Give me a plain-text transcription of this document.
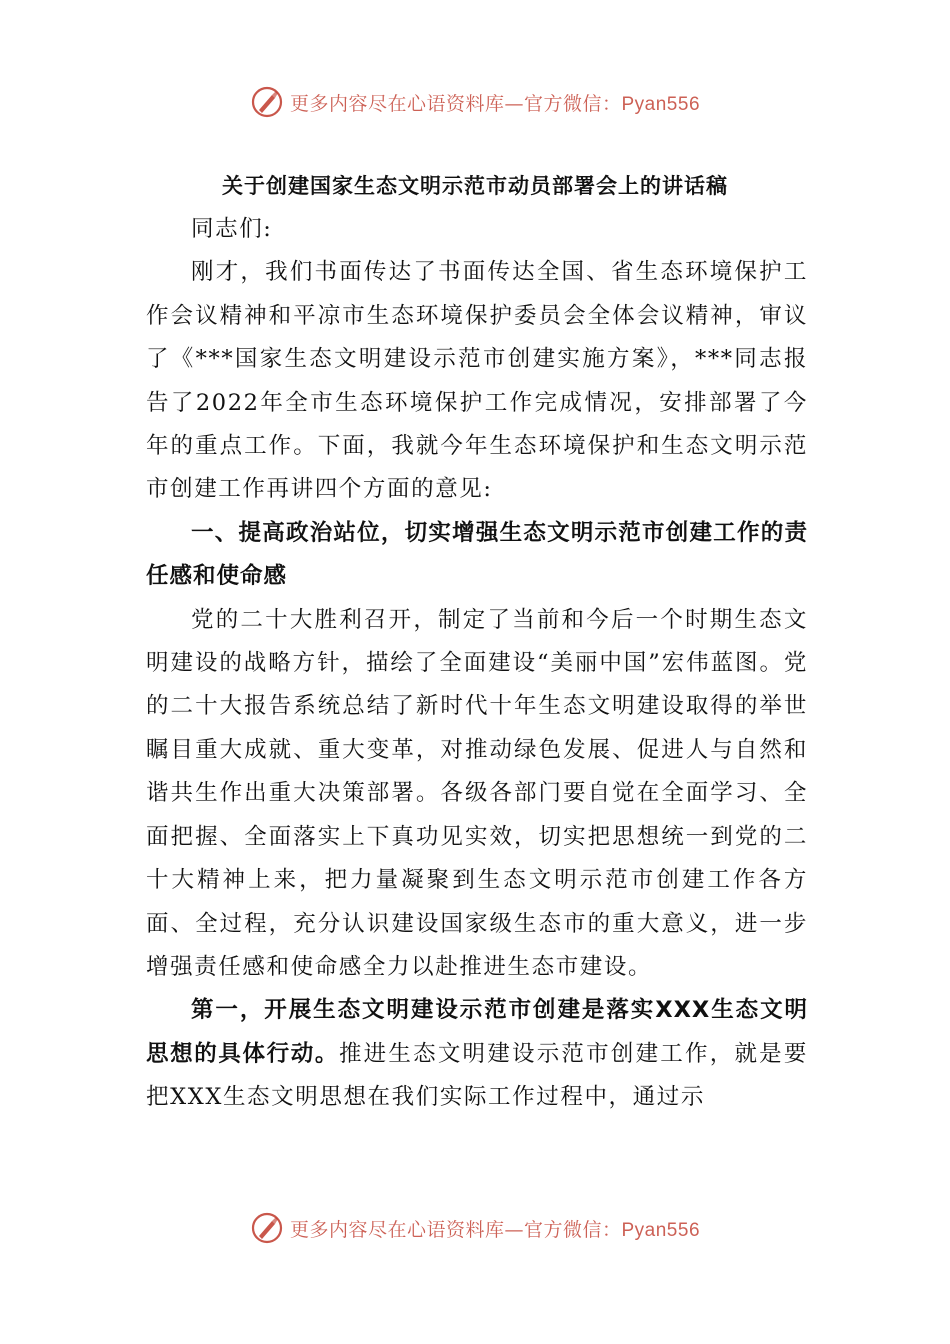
更多内容尽在心语资料库—官方微信：Pyan556
关于创建国家生态文明示范市动员部署会上的讲话稿

同志们:

刚才，我们书面传达了书面传达全国、省生态环境保护工作会议精神和平凉市生态环境保护委员会全体会议精神，审议了《***国家生态文明建设示范市创建实施方案》，***同志报告了2022年全市生态环境保护工作完成情况，安排部署了今年的重点工作。下面，我就今年生态环境保护和生态文明示范市创建工作再讲四个方面的意见:

一、提高政治站位，切实增强生态文明示范市创建工作的责任感和使命感

党的二十大胜利召开，制定了当前和今后一个时期生态文明建设的战略方针，描绘了全面建设“美丽中国”宏伟蓝图。党的二十大报告系统总结了新时代十年生态文明建设取得的举世瞩目重大成就、重大变革，对推动绿色发展、促进人与自然和谐共生作出重大决策部署。各级各部门要自觉在全面学习、全面把握、全面落实上下真功见实效，切实把思想统一到党的二十大精神上来，把力量凝聚到生态文明示范市创建工作各方面、全过程，充分认识建设国家级生态市的重大意义，进一步增强责任感和使命感全力以赴推进生态市建设。

第一，开展生态文明建设示范市创建是落实XXX生态文明思想的具体行动。推进生态文明建设示范市创建工作，就是要把XXX生态文明思想在我们实际工作过程中，通过示

更多内容尽在心语资料库—官方微信：Pyan556
